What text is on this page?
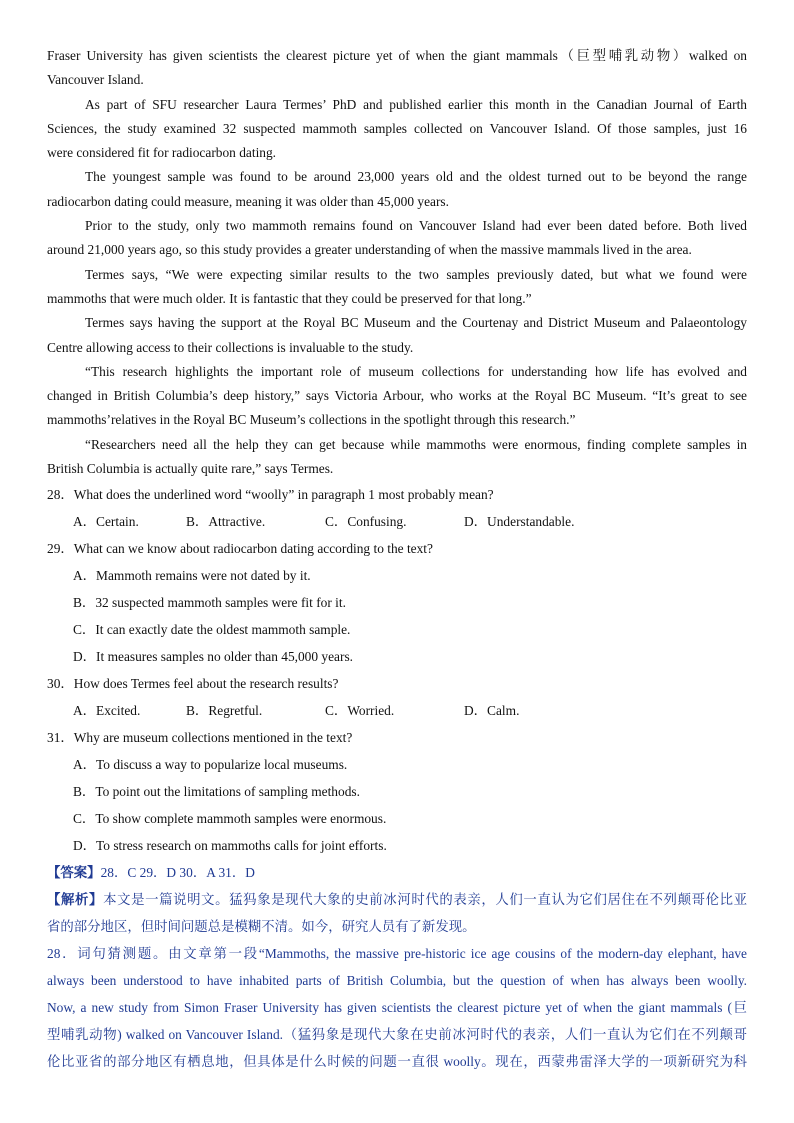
Fraser University has given scientists the clearest picture yet of when the giant mammals（巨型哺乳动物）walked on
Vancouver Island.
As part of SFU researcher Laura Termes’ PhD and published earlier this month in the Canadian Journal of Earth
Sciences, the study examined 32 suspected mammoth samples collected on Vancouver Island. Of those samples, just 16
were considered fit for radiocarbon dating.
The youngest sample was found to be around 23,000 years old and the oldest turned out to be beyond the range
radiocarbon dating could measure, meaning it was older than 45,000 years.
Prior to the study, only two mammoth remains found on Vancouver Island had ever been dated before. Both lived
around 21,000 years ago, so this study provides a greater understanding of when the massive mammals lived in the area.
Termes says, “We were expecting similar results to the two samples previously dated, but what we found were
mammoths that were much older. It is fantastic that they could be preserved for that long.”
Termes says having the support at the Royal BC Museum and the Courtenay and District Museum and Palaeontology
Centre allowing access to their collections is invaluable to the study.
“This research highlights the important role of museum collections for understanding how life has evolved and
changed in British Columbia’s deep history,” says Victoria Arbour, who works at the Royal BC Museum. “It’s great to see
mammoths’relatives in the Royal BC Museum’s collections in the spotlight through this research.”
“Researchers need all the help they can get because while mammoths were enormous, finding complete samples in
British Columbia is actually quite rare,” says Termes.
28．What does the underlined word “woolly” in paragraph 1 most probably mean?
A．Certain.	B．Attractive.	C．Confusing.	D．Understandable.
29．What can we know about radiocarbon dating according to the text?
A．Mammoth remains were not dated by it.
B．32 suspected mammoth samples were fit for it.
C．It can exactly date the oldest mammoth sample.
D．It measures samples no older than 45,000 years.
30．How does Termes feel about the research results?
A．Excited.	B．Regretful.	C．Worried.	D．Calm.
31．Why are museum collections mentioned in the text?
A．To discuss a way to popularize local museums.
B．To point out the limitations of sampling methods.
C．To show complete mammoth samples were enormous.
D．To stress research on mammoths calls for joint efforts.
【答案】28．C 29．D 30．A 31．D
【解析】本文是一篇说明文。猛犸象是现代大象的史前冰河时代的表亲，人们一直认为它们居住在不列颠哥伦比亚
省的部分地区，但时间问题总是模糊不清。如今，研究人员有了新发现。
28．词句猜测题。由文章第一段“Mammoths, the massive pre-historic ice age cousins of the modern-day elephant, have
always been understood to have inhabited parts of British Columbia, but the question of when has always been woolly.
Now, a new study from Simon Fraser University has given scientists the clearest picture yet of when the giant mammals (巨
型哺乳动物) walked on Vancouver Island.（猛犸象是现代大象在史前冰河时代的表亲，人们一直认为它们在不列颠哥
伦比亚省的部分地区有栖息地，但具体是什么时候的问题一直很 woolly。现在，西蒙弗雷泽大学的一项新研究为科
